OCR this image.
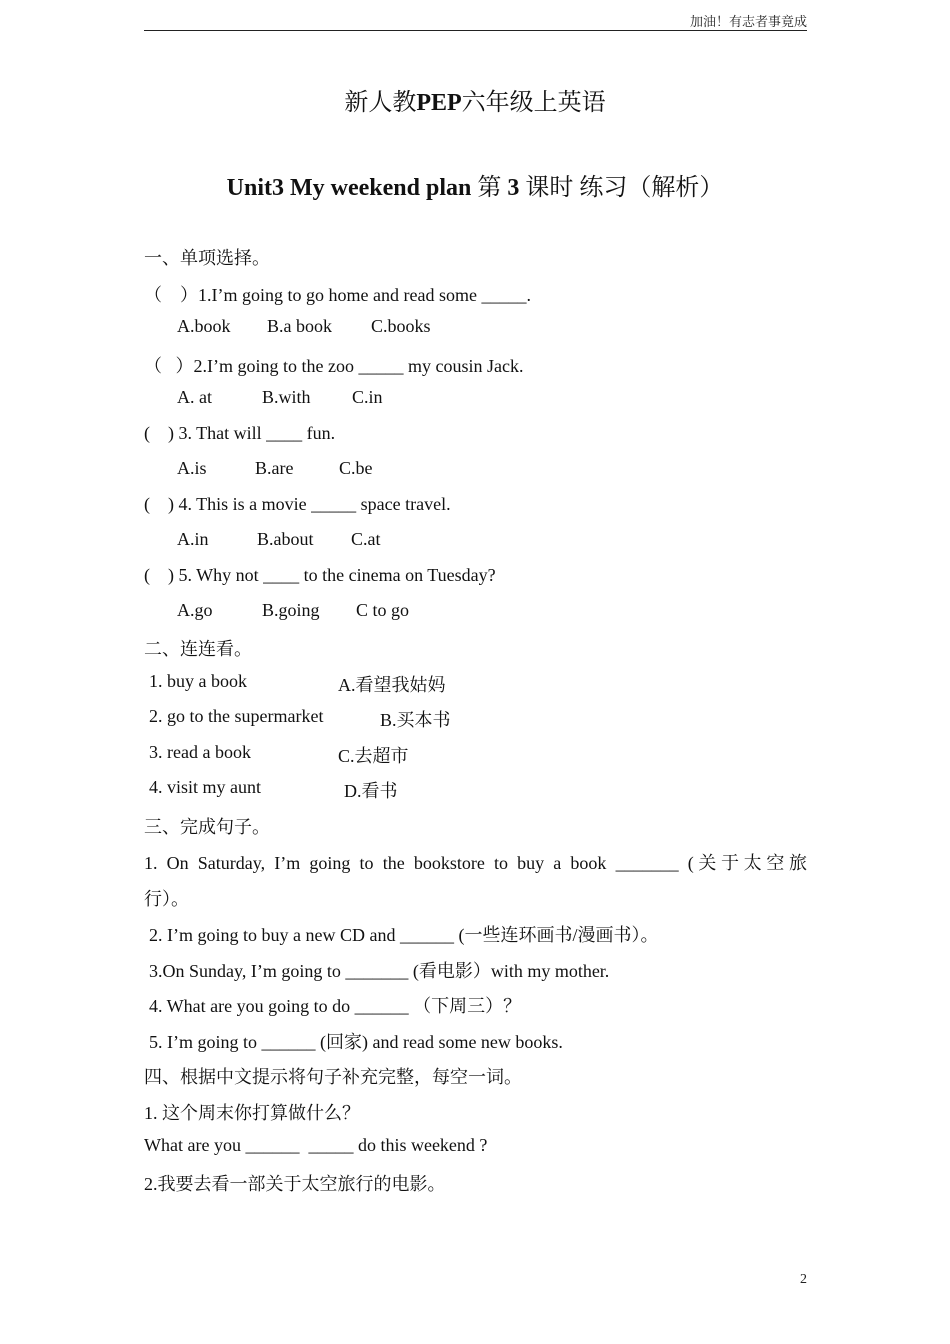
加油！有志者事竟成
新人教PEP六年级上英语
Unit3 My weekend plan 第 3 课时 练习（解析）
一、单项选择。
（    ）1.I’m going to go home and read some _____.
A.book B.a book C.books
（   ）2.I’m going to the zoo _____ my cousin Jack.
A. at	B.with C.in
(    ) 3. That will ____ fun.
A.is	B.are	C.be
(    ) 4. This is a movie _____ space travel.
A.in	B.about C.at
(    ) 5. Why not ____ to the cinema on Tuesday?
A.go	B.going C to go
二、连连看。
1. buy a book	A.看望我姑妈
2. go to the supermarket	B.买本书
3. read a book	C.去超市
4. visit my aunt	D.看书
三、完成句子。
1. On Saturday, I’m going to the bookstore to buy a book _______ (关于太空旅
行）。
2. I’m going to buy a new CD and ______ (一些连环画书/漫画书）。
3.On Sunday, I’m going to _______ (看电影）with my mother.
4. What are you going to do ______ （下周三）？
5. I’m going to ______ (回家) and read some new books.
四、根据中文提示将句子补充完整，每空一词。
1. 这个周末你打算做什么？
What are you ______  _____ do this weekend ?
2.我要去看一部关于太空旅行的电影。
2
